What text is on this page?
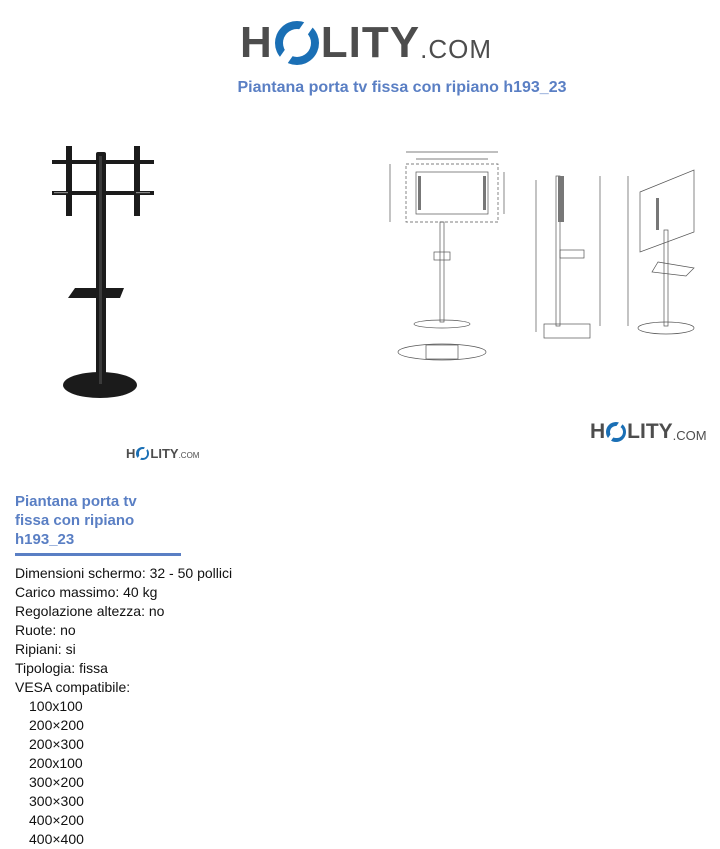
H LITY .COM
Piantana porta tv fissa con ripiano h193_23
H LITY .COM
H LITY .COM
Piantana porta tv
fissa con ripiano
h193_23
Dimensioni schermo: 32 - 50 pollici
Carico massimo: 40 kg
Regolazione altezza: no
Ruote: no
Ripiani: si
Tipologia: fissa
VESA compatibile:
100x100
200×200
200×300
200x100
300×200
300×300
400×200
400×400
